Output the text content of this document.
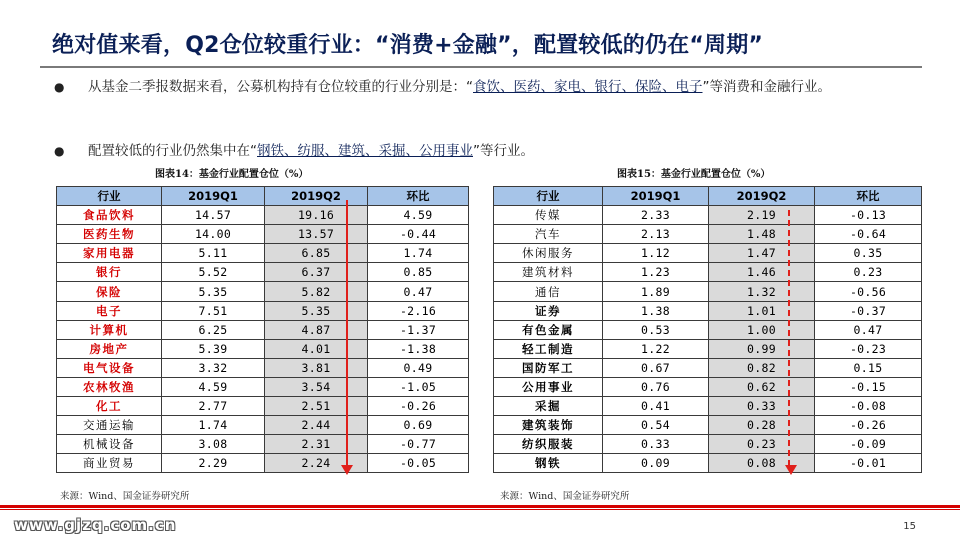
绝对值来看，Q2仓位较重行业：“消费+金融”，配置较低的仍在“周期”
●	从基金二季报数据来看，公募机构持有仓位较重的行业分别是：“食饮、医药、家电、银行、保险、电子”等消费和金融行业。
●	配置较低的行业仍然集中在“钢铁、纺服、建筑、采掘、公用事业”等行业。
图表14：基金行业配置仓位（%）	图表15：基金行业配置仓位（%）
行业	2019Q1	2019Q2	环比
食品饮料	14.57	19.16	4.59
医药生物	14.00	13.57	-0.44
家用电器	5.11	6.85	1.74
银行	5.52	6.37	0.85
保险	5.35	5.82	0.47
电子	7.51	5.35	-2.16
计算机	6.25	4.87	-1.37
房地产	5.39	4.01	-1.38
电气设备	3.32	3.81	0.49
农林牧渔	4.59	3.54	-1.05
化工	2.77	2.51	-0.26
交通运输	1.74	2.44	0.69
机械设备	3.08	2.31	-0.77
商业贸易	2.29	2.24	-0.05
行业	2019Q1	2019Q2	环比
传媒	2.33	2.19	-0.13
汽车	2.13	1.48	-0.64
休闲服务	1.12	1.47	0.35
建筑材料	1.23	1.46	0.23
通信	1.89	1.32	-0.56
证券	1.38	1.01	-0.37
有色金属	0.53	1.00	0.47
轻工制造	1.22	0.99	-0.23
国防军工	0.67	0.82	0.15
公用事业	0.76	0.62	-0.15
采掘	0.41	0.33	-0.08
建筑装饰	0.54	0.28	-0.26
纺织服装	0.33	0.23	-0.09
钢铁	0.09	0.08	-0.01
来源：Wind、国金证券研究所	来源：Wind、国金证券研究所
www.gjzq.com.cn	15
